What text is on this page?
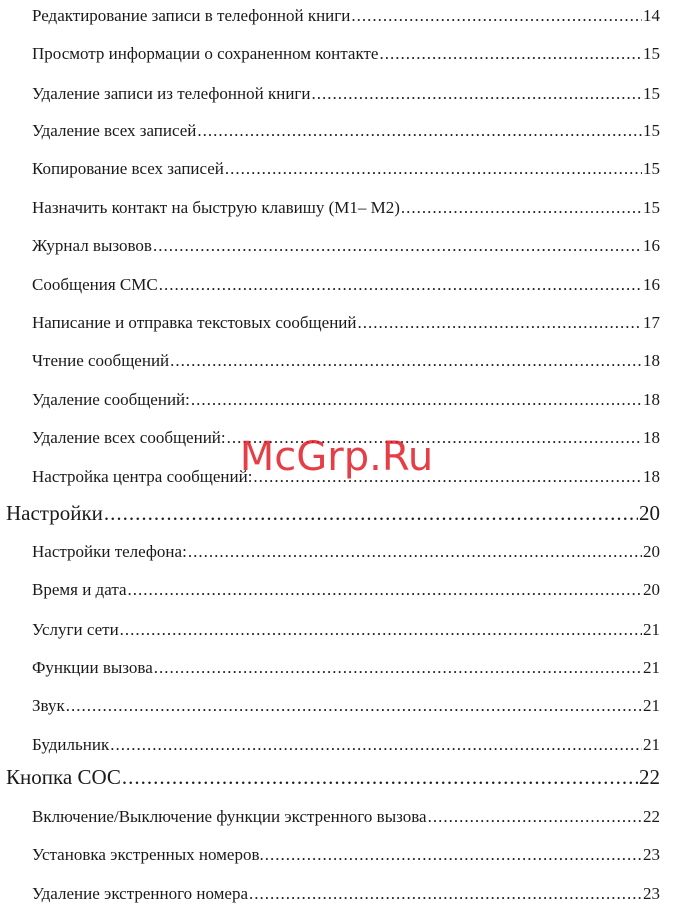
Редактирование записи в телефонной книги .....	14
Просмотр информации о сохраненном контакте .....	15
Удаление записи из телефонной книги .....	15
Удаление всех записей .....	15
Копирование всех записей .....	15
Назначить контакт на быструю клавишу (М1– М2) .....	15
Журнал вызовов .....	16
Сообщения СМС .....	16
Написание и отправка текстовых сообщений .....	17
Чтение сообщений .....	18
Удаление сообщений: .....	18
Удаление всех сообщений: .....	18
Настройка центра сообщений: .....	18
Настройки .....	20
Настройки телефона: .....	20
Время и дата .....	20
Услуги сети .....	21
Функции вызова .....	21
Звук .....	21
Будильник .....	21
Кнопка СОС .....	22
Включение/Выключение функции экстренного вызова .....	22
Установка экстренных номеров. .....	23
Удаление экстренного номера .....	23
McGrp.Ru
